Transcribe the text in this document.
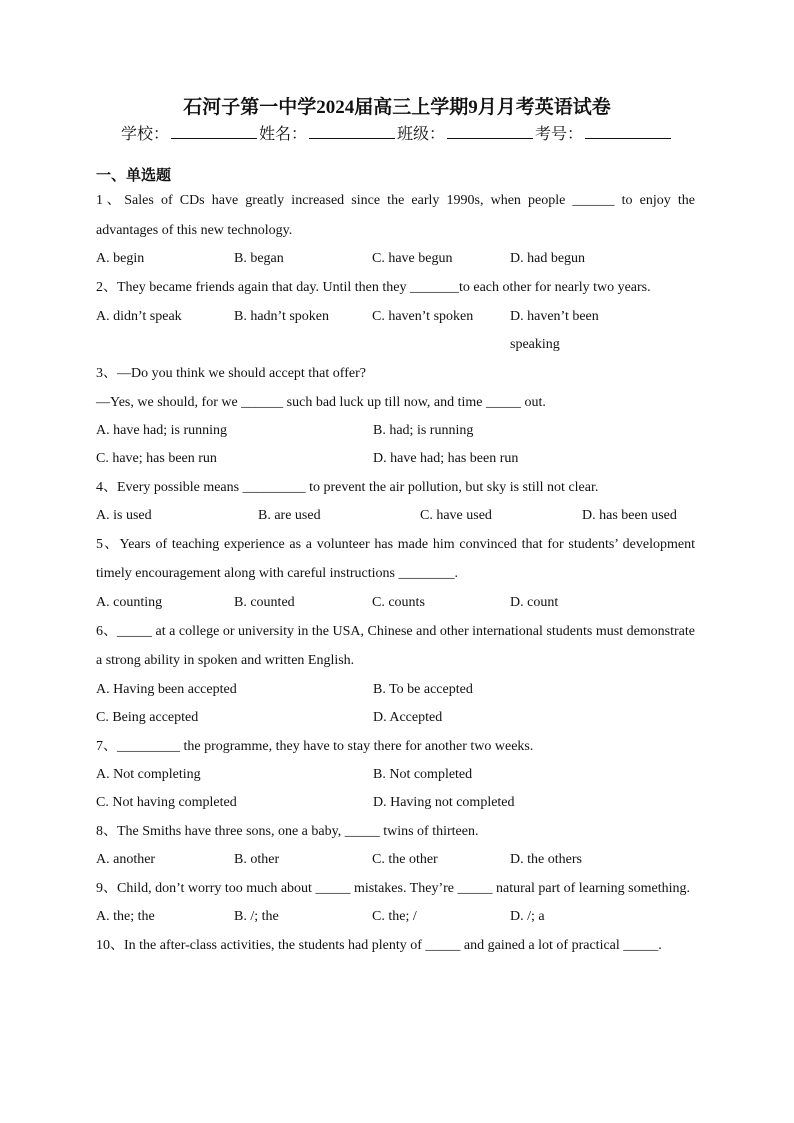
石河子第一中学2024届高三上学期9月月考英语试卷
学校：	姓名：	班级：	考号：
一、单选题
1、Sales of CDs have greatly increased since the early 1990s, when people ______ to enjoy the advantages of this new technology.
A. begin	B. began	C. have begun	D. had begun
2、They became friends again that day. Until then they _______to each other for nearly two years.
A. didn’t speak	B. hadn’t spoken	C. haven’t spoken	D. haven’t been speaking
3、—Do you think we should accept that offer?
—Yes, we should, for we ______ such bad luck up till now, and time _____ out.
A. have had; is running	B. had; is running
C. have; has been run	D. have had; has been run
4、Every possible means _________ to prevent the air pollution, but sky is still not clear.
A. is used	B. are used	C. have used	D. has been used
5、Years of teaching experience as a volunteer has made him convinced that for students’ development timely encouragement along with careful instructions ________.
A. counting	B. counted	C. counts	D. count
6、_____ at a college or university in the USA, Chinese and other international students must demonstrate a strong ability in spoken and written English.
A. Having been accepted	B. To be accepted
C. Being accepted	D. Accepted
7、_________ the programme, they have to stay there for another two weeks.
A. Not completing	B. Not completed
C. Not having completed	D. Having not completed
8、The Smiths have three sons, one a baby, _____ twins of thirteen.
A. another	B. other	C. the other	D. the others
9、Child, don’t worry too much about _____ mistakes. They’re _____ natural part of learning something.
A. the; the	B. /; the	C. the; /	D. /; a
10、In the after-class activities, the students had plenty of _____ and gained a lot of practical _____.
